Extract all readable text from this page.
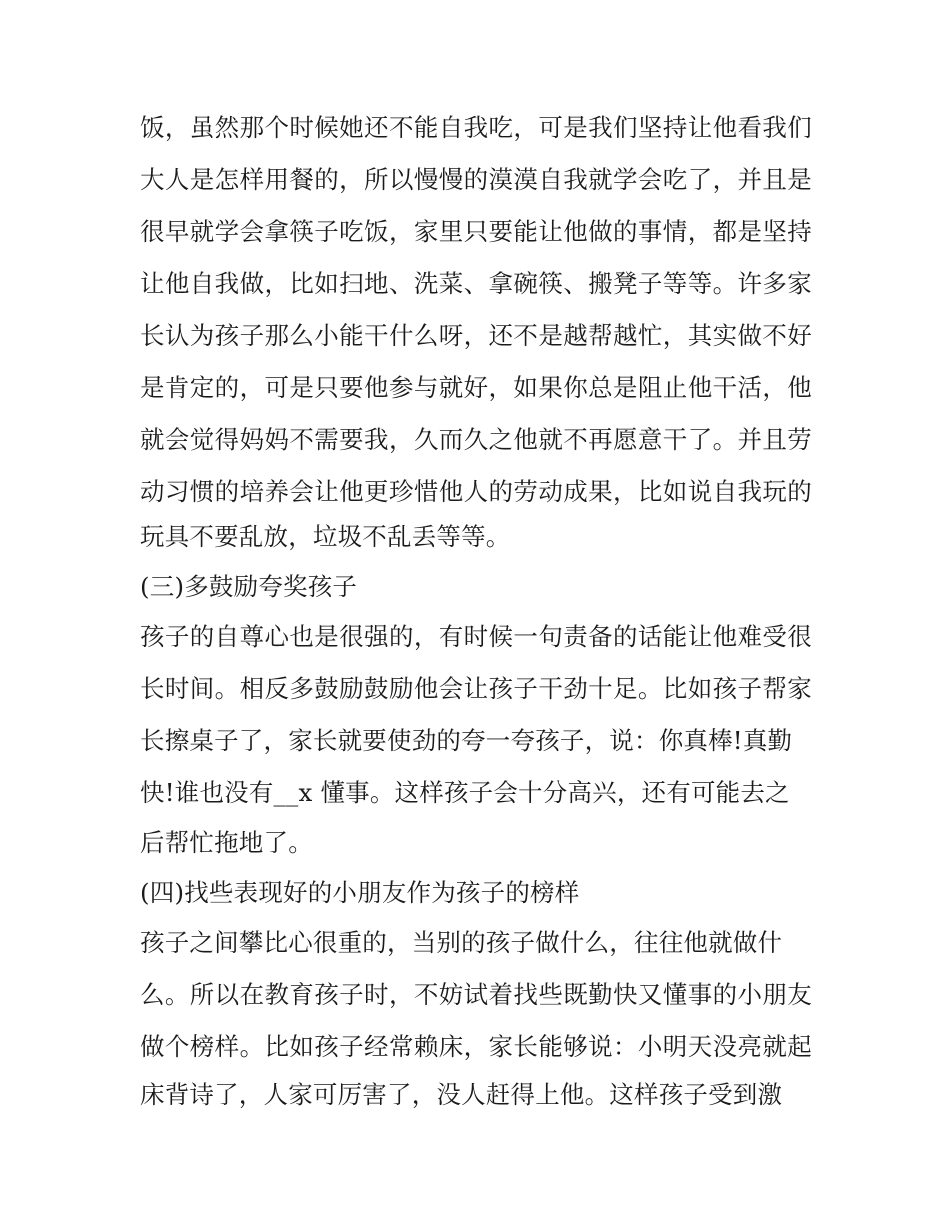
饭，虽然那个时候她还不能自我吃，可是我们坚持让他看我们
大人是怎样用餐的，所以慢慢的漠漠自我就学会吃了，并且是
很早就学会拿筷子吃饭，家里只要能让他做的事情，都是坚持
让他自我做，比如扫地、洗菜、拿碗筷、搬凳子等等。许多家
长认为孩子那么小能干什么呀，还不是越帮越忙，其实做不好
是肯定的，可是只要他参与就好，如果你总是阻止他干活，他
就会觉得妈妈不需要我，久而久之他就不再愿意干了。并且劳
动习惯的培养会让他更珍惜他人的劳动成果，比如说自我玩的
玩具不要乱放，垃圾不乱丢等等。
(三)多鼓励夸奖孩子
孩子的自尊心也是很强的，有时候一句责备的话能让他难受很
长时间。相反多鼓励鼓励他会让孩子干劲十足。比如孩子帮家
长擦桌子了，家长就要使劲的夸一夸孩子，说：你真棒!真勤
快!谁也没有__x 懂事。这样孩子会十分高兴，还有可能去之
后帮忙拖地了。
(四)找些表现好的小朋友作为孩子的榜样
孩子之间攀比心很重的，当别的孩子做什么，往往他就做什
么。所以在教育孩子时，不妨试着找些既勤快又懂事的小朋友
做个榜样。比如孩子经常赖床，家长能够说：小明天没亮就起
床背诗了，人家可厉害了，没人赶得上他。这样孩子受到激
